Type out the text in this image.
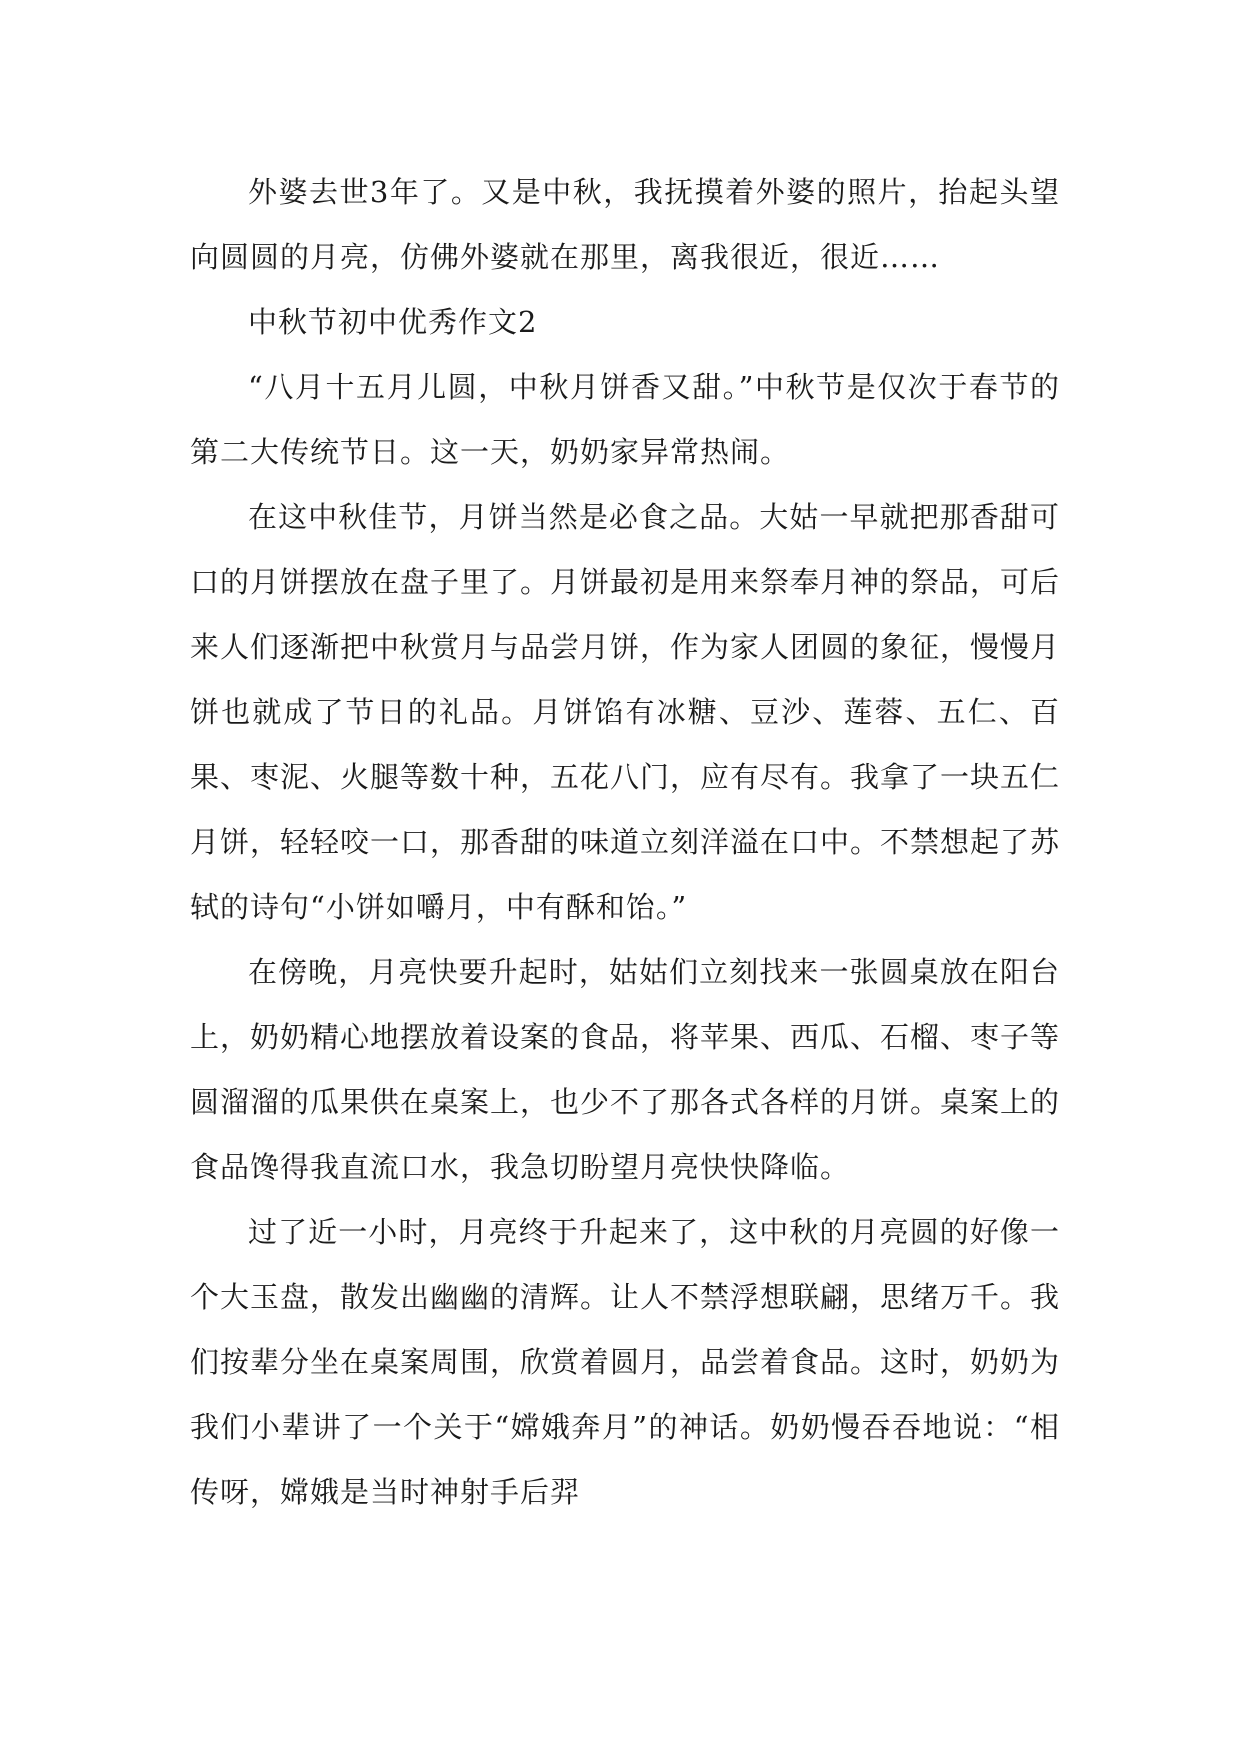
外婆去世3年了。又是中秋，我抚摸着外婆的照片，抬起头望向圆圆的月亮，仿佛外婆就在那里，离我很近，很近……

中秋节初中优秀作文2

“八月十五月儿圆，中秋月饼香又甜。”中秋节是仅次于春节的第二大传统节日。这一天，奶奶家异常热闹。

在这中秋佳节，月饼当然是必食之品。大姑一早就把那香甜可口的月饼摆放在盘子里了。月饼最初是用来祭奉月神的祭品，可后来人们逐渐把中秋赏月与品尝月饼，作为家人团圆的象征，慢慢月饼也就成了节日的礼品。月饼馅有冰糖、豆沙、莲蓉、五仁、百果、枣泥、火腿等数十种，五花八门，应有尽有。我拿了一块五仁月饼，轻轻咬一口，那香甜的味道立刻洋溢在口中。不禁想起了苏轼的诗句“小饼如嚼月，中有酥和饴。”

在傍晚，月亮快要升起时，姑姑们立刻找来一张圆桌放在阳台上，奶奶精心地摆放着设案的食品，将苹果、西瓜、石榴、枣子等圆溜溜的瓜果供在桌案上，也少不了那各式各样的月饼。桌案上的食品馋得我直流口水，我急切盼望月亮快快降临。

过了近一小时，月亮终于升起来了，这中秋的月亮圆的好像一个大玉盘，散发出幽幽的清辉。让人不禁浮想联翩，思绪万千。我们按辈分坐在桌案周围，欣赏着圆月，品尝着食品。这时，奶奶为我们小辈讲了一个关于“嫦娥奔月”的神话。奶奶慢吞吞地说：“相传呀，嫦娥是当时神射手后羿
